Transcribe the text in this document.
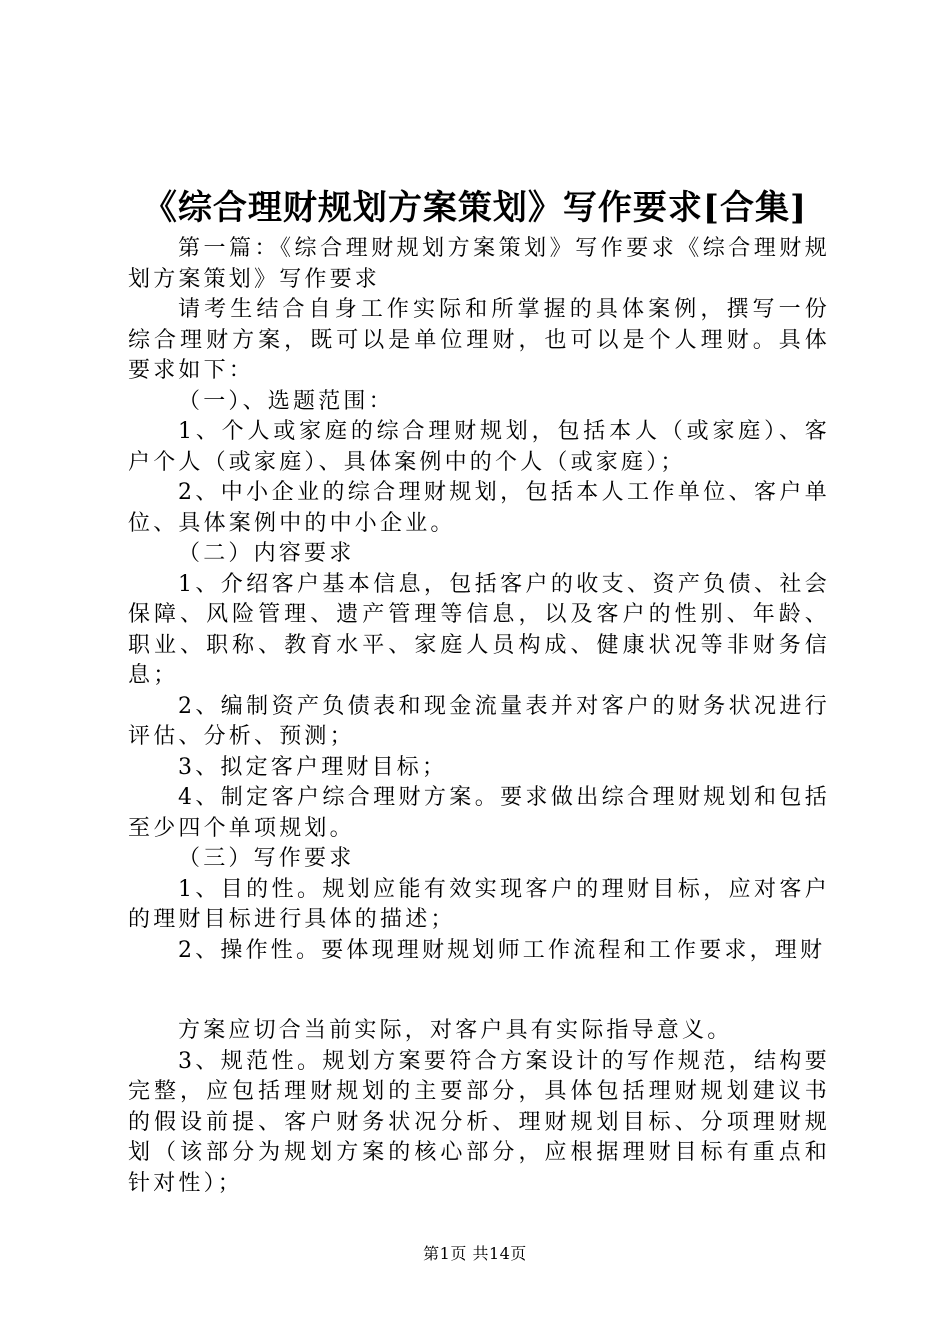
《综合理财规划方案策划》写作要求[合集]

第一篇：《综合理财规划方案策划》写作要求《综合理财规划方案策划》写作要求

请考生结合自身工作实际和所掌握的具体案例，撰写一份综合理财方案，既可以是单位理财，也可以是个人理财。具体要求如下：

（一）、选题范围：

1、个人或家庭的综合理财规划，包括本人（或家庭）、客户个人（或家庭）、具体案例中的个人（或家庭）；

2、中小企业的综合理财规划，包括本人工作单位、客户单位、具体案例中的中小企业。

（二）内容要求

1、介绍客户基本信息，包括客户的收支、资产负债、社会保障、风险管理、遗产管理等信息，以及客户的性别、年龄、职业、职称、教育水平、家庭人员构成、健康状况等非财务信息；

2、编制资产负债表和现金流量表并对客户的财务状况进行评估、分析、预测；

3、拟定客户理财目标；

4、制定客户综合理财方案。要求做出综合理财规划和包括至少四个单项规划。

（三）写作要求

1、目的性。规划应能有效实现客户的理财目标，应对客户的理财目标进行具体的描述；

2、操作性。要体现理财规划师工作流程和工作要求，理财

方案应切合当前实际，对客户具有实际指导意义。

3、规范性。规划方案要符合方案设计的写作规范，结构要完整，应包括理财规划的主要部分，具体包括理财规划建议书的假设前提、客户财务状况分析、理财规划目标、分项理财规划（该部分为规划方案的核心部分，应根据理财目标有重点和针对性）；

第1页 共14页
